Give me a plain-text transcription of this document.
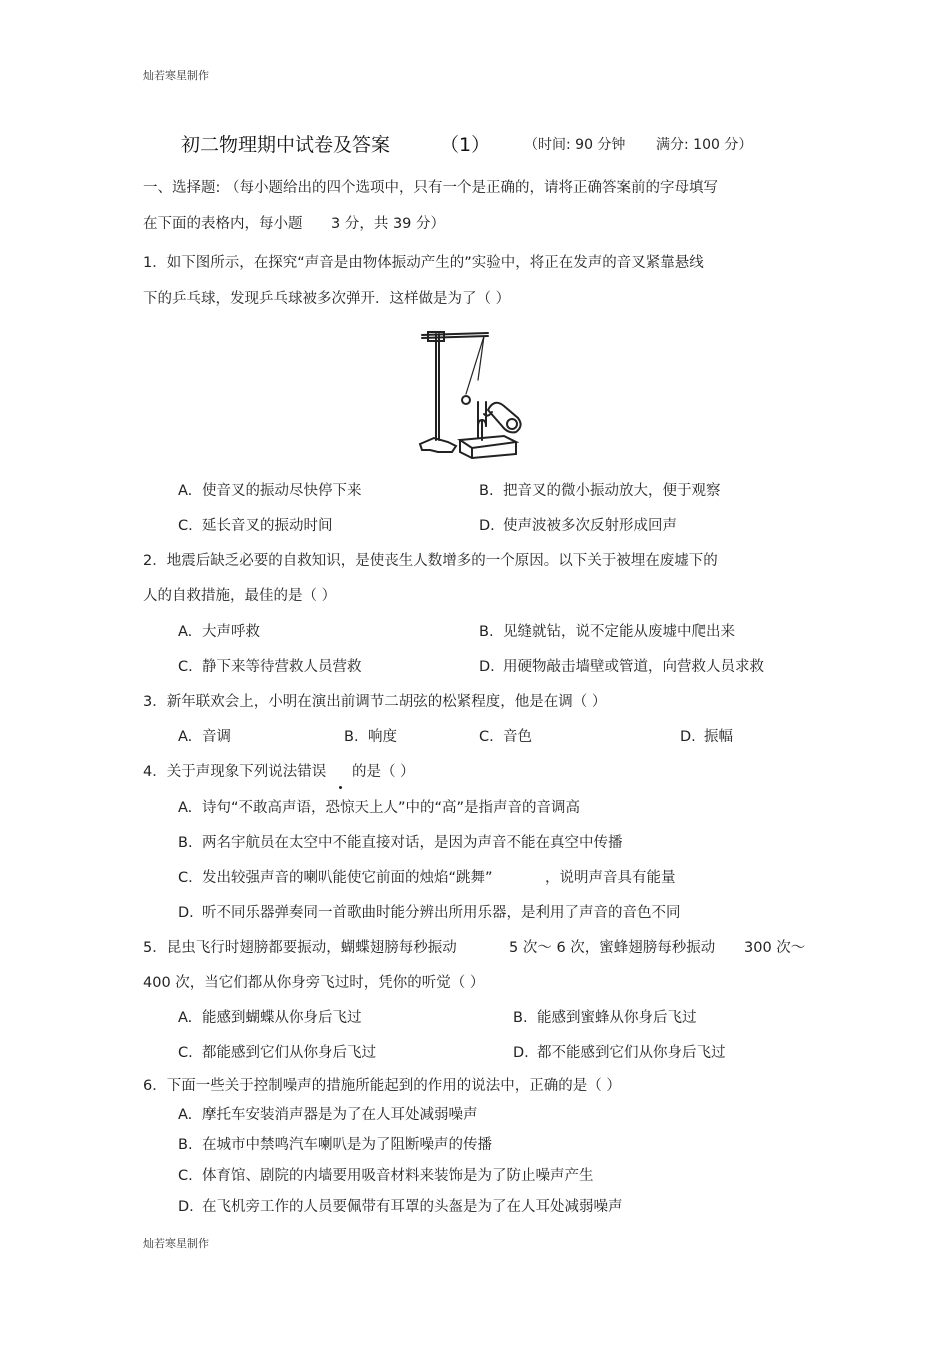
灿若寒星制作
灿若寒星制作
初二物理期中试卷及答案	（1） （时间: 90 分钟 满分: 100 分）
一、选择题: （每小题给出的四个选项中，只有一个是正确的，请将正确答案前的字母填写
在下面的表格内，每小题 3 分，共 39 分）
1．如下图所示，在探究“声音是由物体振动产生的”实验中，将正在发声的音叉紧靠悬线
下的乒乓球，发现乒乓球被多次弹开．这样做是为了（ ）
A. 使音叉的振动尽快停下来	B. 把音叉的微小振动放大，便于观察
C. 延长音叉的振动时间	D. 使声波被多次反射形成回声
2．地震后缺乏必要的自救知识，是使丧生人数增多的一个原因。以下关于被埋在废墟下的
人的自救措施，最佳的是（ ）
A. 大声呼救	B. 见缝就钻，说不定能从废墟中爬出来
C. 静下来等待营救人员营救	D. 用硬物敲击墙壁或管道，向营救人员求救
3．新年联欢会上，小明在演出前调节二胡弦的松紧程度，他是在调（ ）
A. 音调	B. 响度	C. 音色	D. 振幅
4．关于声现象下列说法错误 的是（ ）
A. 诗句“不敢高声语，恐惊天上人”中的“高”是指声音的音调高
B. 两名宇航员在太空中不能直接对话，是因为声音不能在真空中传播
C. 发出较强声音的喇叭能使它前面的烛焰“跳舞”	，说明声音具有能量
D. 听不同乐器弹奏同一首歌曲时能分辨出所用乐器，是利用了声音的音色不同
5．昆虫飞行时翅膀都要振动，蝴蝶翅膀每秒振动	5 次～ 6 次，蜜蜂翅膀每秒振动 300 次～
400 次，当它们都从你身旁飞过时，凭你的听觉（ ）
A. 能感到蝴蝶从你身后飞过	B. 能感到蜜蜂从你身后飞过
C. 都能感到它们从你身后飞过	D. 都不能感到它们从你身后飞过
6．下面一些关于控制噪声的措施所能起到的作用的说法中，正确的是（ ）
A. 摩托车安装消声器是为了在人耳处减弱噪声
B. 在城市中禁鸣汽车喇叭是为了阻断噪声的传播
C. 体育馆、剧院的内墙要用吸音材料来装饰是为了防止噪声产生
D. 在飞机旁工作的人员要佩带有耳罩的头盔是为了在人耳处减弱噪声
